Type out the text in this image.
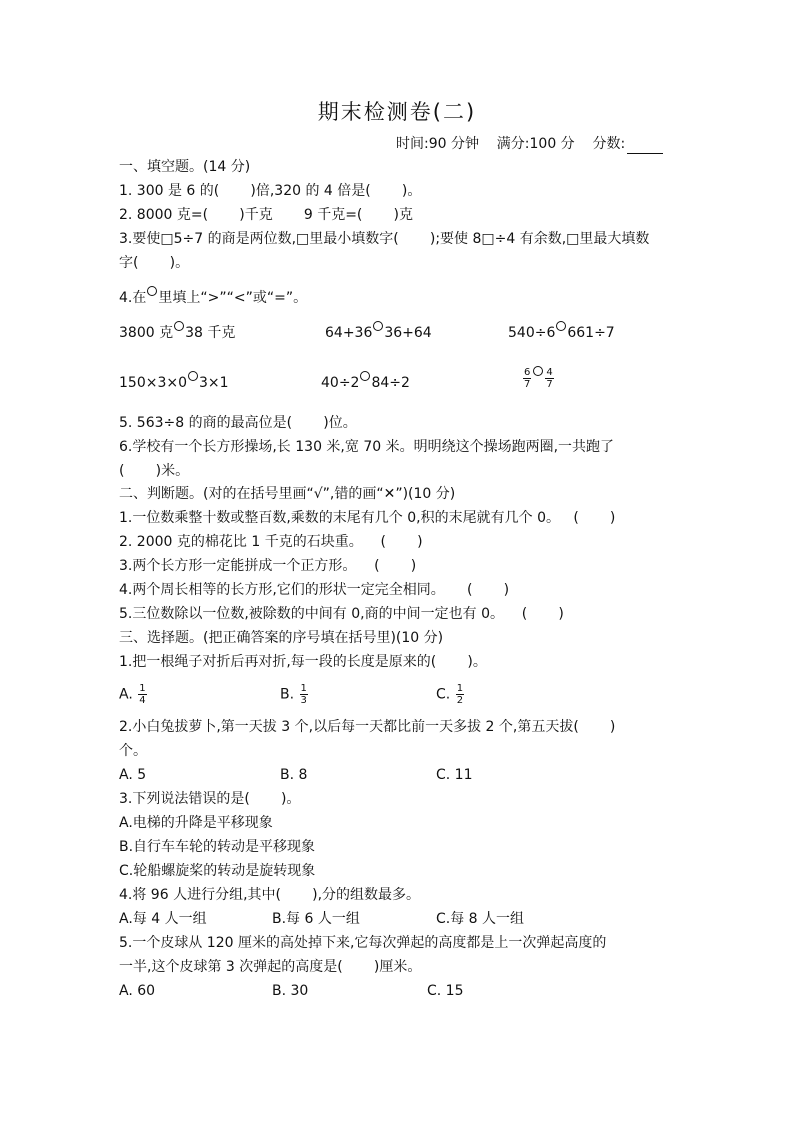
期末检测卷(二)
时间:90 分钟    满分:100 分    分数:
一、填空题。(14 分)
1. 300 是 6 的(       )倍,320 的 4 倍是(       )。
2. 8000 克=(       )千克       9 千克=(       )克
3.要使□5÷7 的商是两位数,□里最小填数字(       );要使 8□÷4 有余数,□里最大填数
字(       )。
4.在 里填上“>”“<”或“=”。
3800 克 38 千克	64+36 36+64	540÷6 661÷7
150×3×0 3×1	40÷2 84÷2	$\frac{6}{7} \frac{4}{7}$
5. 563÷8 的商的最高位是(       )位。
6.学校有一个长方形操场,长 130 米,宽 70 米。明明绕这个操场跑两圈,一共跑了
(       )米。
二、判断题。(对的在括号里画“√”,错的画“✕”)(10 分)
1.一位数乘整十数或整百数,乘数的末尾有几个 0,积的末尾就有几个 0。   (       )
2. 2000 克的棉花比 1 千克的石块重。    (       )
3.两个长方形一定能拼成一个正方形。    (       )
4.两个周长相等的长方形,它们的形状一定完全相同。     (       )
5.三位数除以一位数,被除数的中间有 0,商的中间一定也有 0。    (       )
三、选择题。(把正确答案的序号填在括号里)(10 分)
1.把一根绳子对折后再对折,每一段的长度是原来的(       )。
A. $\frac{1}{4}$	B. $\frac{1}{3}$	C. $\frac{1}{2}$
2.小白兔拔萝卜,第一天拔 3 个,以后每一天都比前一天多拔 2 个,第五天拔(       )
个。
A. 5	B. 8	C. 11
3.下列说法错误的是(       )。
A.电梯的升降是平移现象
B.自行车车轮的转动是平移现象
C.轮船螺旋桨的转动是旋转现象
4.将 96 人进行分组,其中(       ),分的组数最多。
A.每 4 人一组	B.每 6 人一组	C.每 8 人一组
5.一个皮球从 120 厘米的高处掉下来,它每次弹起的高度都是上一次弹起高度的
一半,这个皮球第 3 次弹起的高度是(       )厘米。
A. 60	B. 30	C. 15
